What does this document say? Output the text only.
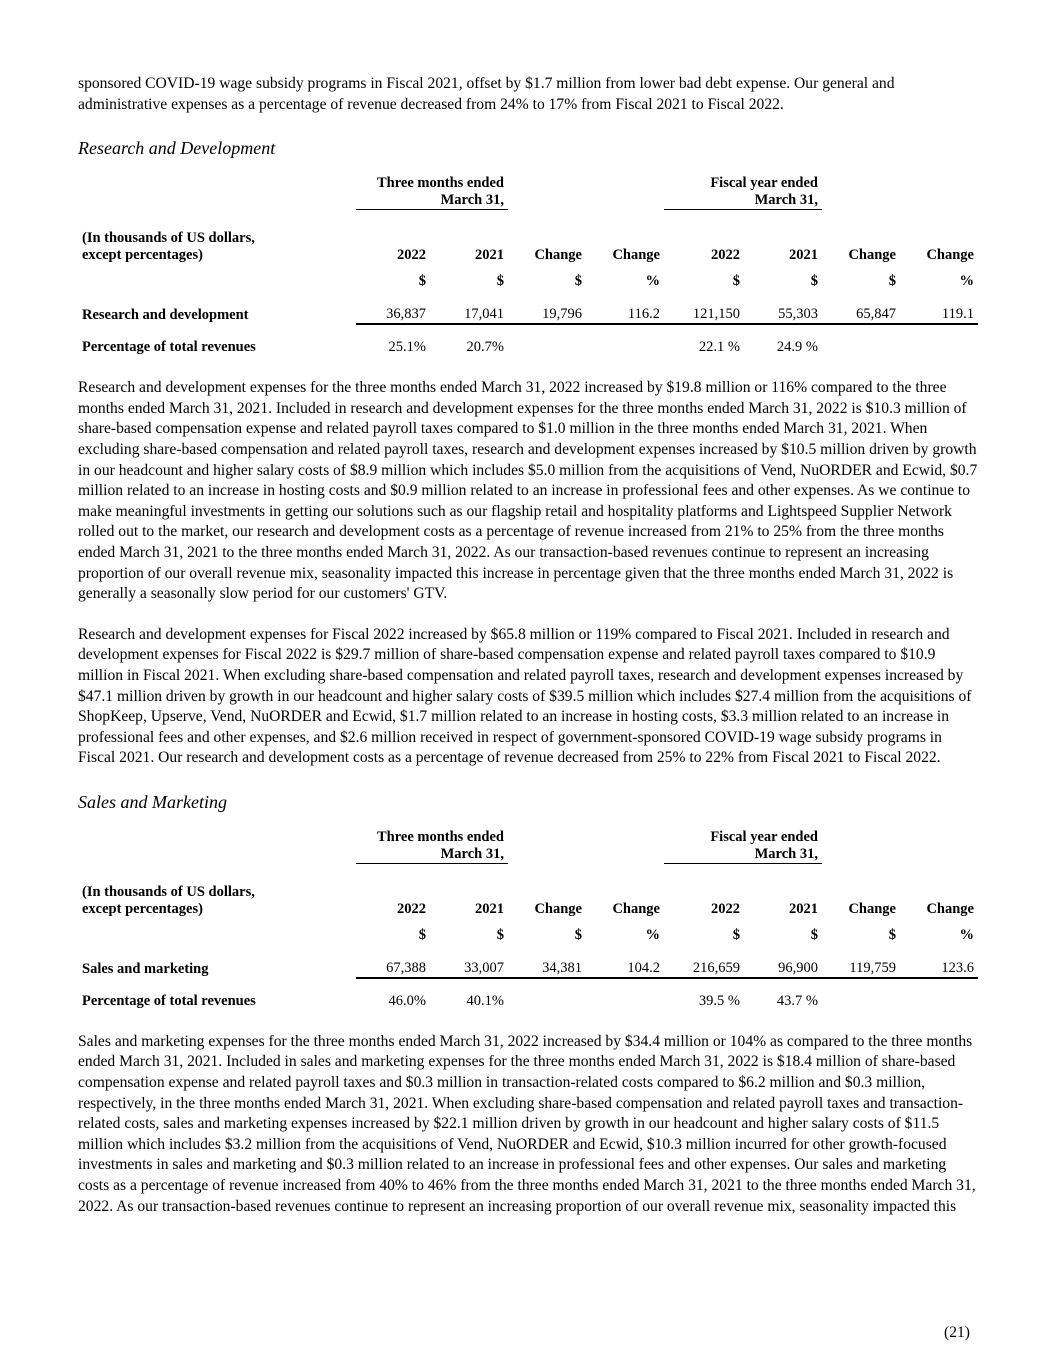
sponsored COVID-19 wage subsidy programs in Fiscal 2021, offset by $1.7 million from lower bad debt expense. Our general and administrative expenses as a percentage of revenue decreased from 24% to 17% from Fiscal 2021 to Fiscal 2022.

Research and Development
	Three months ended
March 31,				Fiscal year ended
March 31,			

(In thousands of US dollars,
except percentages)	2022	2021	Change	Change	2022	2021	Change	Change
	$	$	$	%	$	$	$	%

Research and development	36,837	17,041	19,796	116.2	121,150	55,303	65,847	119.1

Percentage of total revenues	25.1%	20.7%			22.1 %	24.9 %		

Research and development expenses for the three months ended March 31, 2022 increased by $19.8 million or 116% compared to the three months ended March 31, 2021. Included in research and development expenses for the three months ended March 31, 2022 is $10.3 million of share-based compensation expense and related payroll taxes compared to $1.0 million in the three months ended March 31, 2021. When excluding share-based compensation and related payroll taxes, research and development expenses increased by $10.5 million driven by growth in our headcount and higher salary costs of $8.9 million which includes $5.0 million from the acquisitions of Vend, NuORDER and Ecwid, $0.7 million related to an increase in hosting costs and $0.9 million related to an increase in professional fees and other expenses. As we continue to make meaningful investments in getting our solutions such as our flagship retail and hospitality platforms and Lightspeed Supplier Network rolled out to the market, our research and development costs as a percentage of revenue increased from 21% to 25% from the three months ended March 31, 2021 to the three months ended March 31, 2022. As our transaction-based revenues continue to represent an increasing proportion of our overall revenue mix, seasonality impacted this increase in percentage given that the three months ended March 31, 2022 is generally a seasonally slow period for our customers' GTV.

Research and development expenses for Fiscal 2022 increased by $65.8 million or 119% compared to Fiscal 2021. Included in research and development expenses for Fiscal 2022 is $29.7 million of share-based compensation expense and related payroll taxes compared to $10.9 million in Fiscal 2021. When excluding share-based compensation and related payroll taxes, research and development expenses increased by $47.1 million driven by growth in our headcount and higher salary costs of $39.5 million which includes $27.4 million from the acquisitions of ShopKeep, Upserve, Vend, NuORDER and Ecwid, $1.7 million related to an increase in hosting costs, $3.3 million related to an increase in professional fees and other expenses, and $2.6 million received in respect of government-sponsored COVID-19 wage subsidy programs in Fiscal 2021. Our research and development costs as a percentage of revenue decreased from 25% to 22% from Fiscal 2021 to Fiscal 2022.

Sales and Marketing
	Three months ended
March 31,				Fiscal year ended
March 31,			

(In thousands of US dollars,
except percentages)	2022	2021	Change	Change	2022	2021	Change	Change
	$	$	$	%	$	$	$	%

Sales and marketing	67,388	33,007	34,381	104.2	216,659	96,900	119,759	123.6

Percentage of total revenues	46.0%	40.1%			39.5 %	43.7 %		

Sales and marketing expenses for the three months ended March 31, 2022 increased by $34.4 million or 104% as compared to the three months ended March 31, 2021. Included in sales and marketing expenses for the three months ended March 31, 2022 is $18.4 million of share-based compensation expense and related payroll taxes and $0.3 million in transaction-related costs compared to $6.2 million and $0.3 million, respectively, in the three months ended March 31, 2021. When excluding share-based compensation and related payroll taxes and transaction-related costs, sales and marketing expenses increased by $22.1 million driven by growth in our headcount and higher salary costs of $11.5 million which includes $3.2 million from the acquisitions of Vend, NuORDER and Ecwid, $10.3 million incurred for other growth-focused investments in sales and marketing and $0.3 million related to an increase in professional fees and other expenses. Our sales and marketing costs as a percentage of revenue increased from 40% to 46% from the three months ended March 31, 2021 to the three months ended March 31, 2022. As our transaction-based revenues continue to represent an increasing proportion of our overall revenue mix, seasonality impacted this

(21)
